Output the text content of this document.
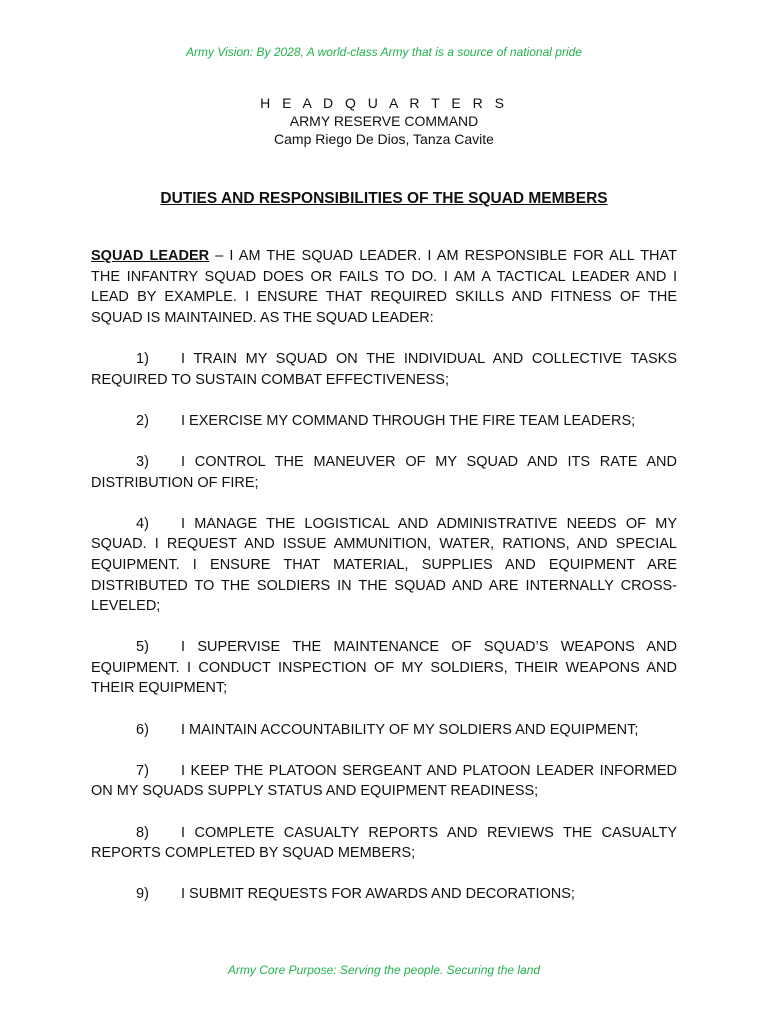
Army Vision: By 2028, A world-class Army that is a source of national pride
H E A D Q U A R T E R S
ARMY RESERVE COMMAND
Camp Riego De Dios, Tanza Cavite
DUTIES AND RESPONSIBILITIES OF THE SQUAD MEMBERS

SQUAD LEADER – I AM THE SQUAD LEADER. I AM RESPONSIBLE FOR ALL THAT THE INFANTRY SQUAD DOES OR FAILS TO DO. I AM A TACTICAL LEADER AND I LEAD BY EXAMPLE. I ENSURE THAT REQUIRED SKILLS AND FITNESS OF THE SQUAD IS MAINTAINED. AS THE SQUAD LEADER:

1) I TRAIN MY SQUAD ON THE INDIVIDUAL AND COLLECTIVE TASKS REQUIRED TO SUSTAIN COMBAT EFFECTIVENESS;

2) I EXERCISE MY COMMAND THROUGH THE FIRE TEAM LEADERS;

3) I CONTROL THE MANEUVER OF MY SQUAD AND ITS RATE AND DISTRIBUTION OF FIRE;

4) I MANAGE THE LOGISTICAL AND ADMINISTRATIVE NEEDS OF MY SQUAD. I REQUEST AND ISSUE AMMUNITION, WATER, RATIONS, AND SPECIAL EQUIPMENT. I ENSURE THAT MATERIAL, SUPPLIES AND EQUIPMENT ARE DISTRIBUTED TO THE SOLDIERS IN THE SQUAD AND ARE INTERNALLY CROSS-LEVELED;

5) I SUPERVISE THE MAINTENANCE OF SQUAD’S WEAPONS AND EQUIPMENT. I CONDUCT INSPECTION OF MY SOLDIERS, THEIR WEAPONS AND THEIR EQUIPMENT;

6) I MAINTAIN ACCOUNTABILITY OF MY SOLDIERS AND EQUIPMENT;

7) I KEEP THE PLATOON SERGEANT AND PLATOON LEADER INFORMED ON MY SQUADS SUPPLY STATUS AND EQUIPMENT READINESS;

8) I COMPLETE CASUALTY REPORTS AND REVIEWS THE CASUALTY REPORTS COMPLETED BY SQUAD MEMBERS;

9) I SUBMIT REQUESTS FOR AWARDS AND DECORATIONS;

Army Core Purpose: Serving the people. Securing the land
